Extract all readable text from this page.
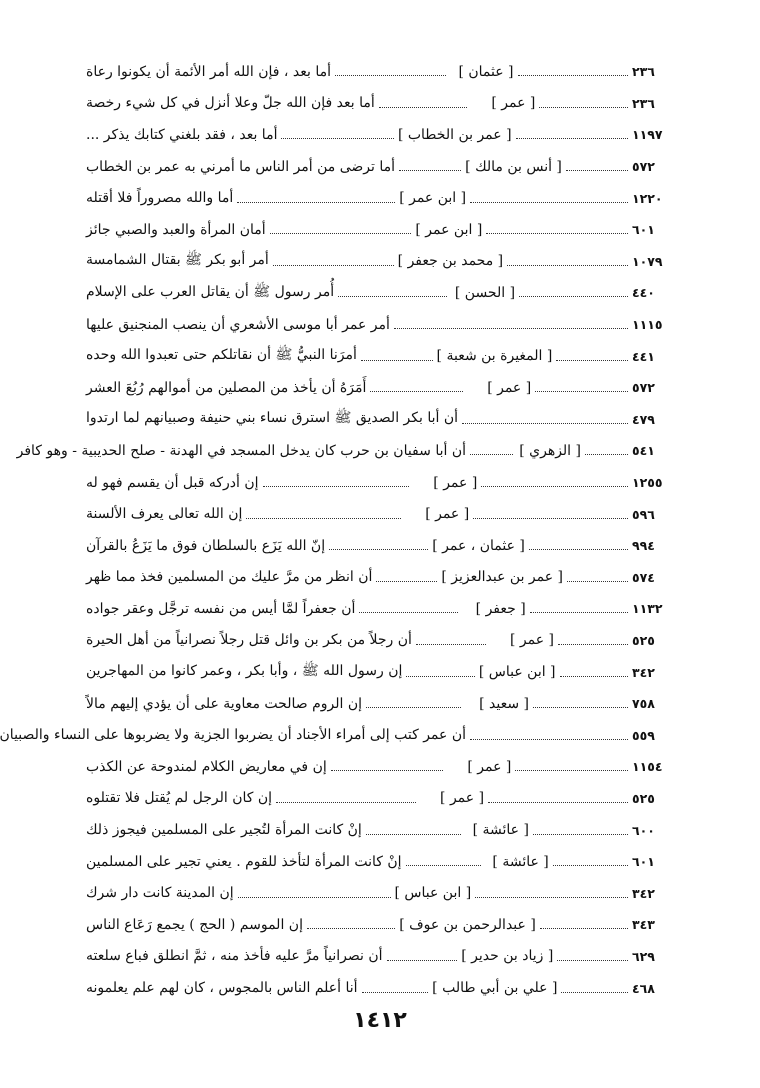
أما بعد ، فإن الله أمر الأئمة أن يكونوا رعاة	[ عثمان ]	٢٣٦
أما بعد فإن الله جلّ وعلا أنزل في كل شيء رخصة	[ عمر ]	٢٣٦
أما بعد ، فقد بلغني كتابك يذكر ...	[ عمر بن الخطاب ]	١١٩٧
أما ترضى من أمر الناس ما أمرني به عمر بن الخطاب	[ أنس بن مالك ]	٥٧٢
أما والله مصروراً فلا أقتله	[ ابن عمر ]	١٢٢٠
أمان المرأة والعبد والصبي جائز	[ ابن عمر ]	٦٠١
أمر أبو بكر ﷺ بقتال الشمامسة	[ محمد بن جعفر ]	١٠٧٩
أُمر رسول ﷺ أن يقاتل العرب على الإسلام	[ الحسن ]	٤٤٠
أمر عمر أبا موسى الأشعري أن ينصب المنجنيق عليها	١١١٥
أمرَنا النبيُّ ﷺ أن نقاتلكم حتى تعبدوا الله وحده	[ المغيرة بن شعبة ]	٤٤١
أَمَرَهُ أن يأخذ من المصلين من أموالهم رُبُعَ العشر	[ عمر ]	٥٧٢
أن أبا بكر الصديق ﷺ استرق نساء بني حنيفة وصبيانهم لما ارتدوا	٤٧٩
أن أبا سفيان بن حرب كان يدخل المسجد في الهدنة - صلح الحديبية - وهو كافر	[ الزهري ]	٥٤١
إن أدركه قبل أن يقسم فهو له	[ عمر ]	١٢٥٥
إن الله تعالى يعرف الألسنة	[ عمر ]	٥٩٦
إنّ الله يَزَع بالسلطان فوق ما يَزَعُ بالقرآن	[ عثمان ، عمر ]	٩٩٤
أن انظر من مرَّ عليك من المسلمين فخذ مما ظهر	[ عمر بن عبدالعزيز ]	٥٧٤
أن جعفراً لمَّا أيس من نفسه ترجَّل وعقر جواده	[ جعفر ]	١١٣٢
أن رجلاً من بكر بن وائل قتل رجلاً نصرانياً من أهل الحيرة	[ عمر ]	٥٢٥
إن رسول الله ﷺ ، وأبا بكر ، وعمر كانوا من المهاجرين	[ ابن عباس ]	٣٤٢
إن الروم صالحت معاوية على أن يؤدي إليهم مالاً	[ سعيد ]	٧٥٨
أن عمر كتب إلى أمراء الأجناد أن يضربوا الجزية ولا يضربوها على النساء والصبيان	٥٥٩
إن في معاريض الكلام لمندوحة عن الكذب	[ عمر ]	١١٥٤
إن كان الرجل لم يُقتل فلا تقتلوه	[ عمر ]	٥٢٥
إنْ كانت المرأة لتُجير على المسلمين فيجوز ذلك	[ عائشة ]	٦٠٠
إنْ كانت المرأة لتأخذ للقوم . يعني تجير على المسلمين	[ عائشة ]	٦٠١
إن المدينة كانت دار شرك	[ ابن عباس ]	٣٤٢
إن الموسم ( الحج ) يجمع رَعَاع الناس	[ عبدالرحمن بن عوف ]	٣٤٣
أن نصرانياً مرَّ عليه فأخذ منه ، ثمَّ انطلق فباع سلعته	[ زياد بن حدير ]	٦٢٩
أنا أعلم الناس بالمجوس ، كان لهم علم يعلمونه	[ علي بن أبي طالب ]	٤٦٨
١٤١٢
